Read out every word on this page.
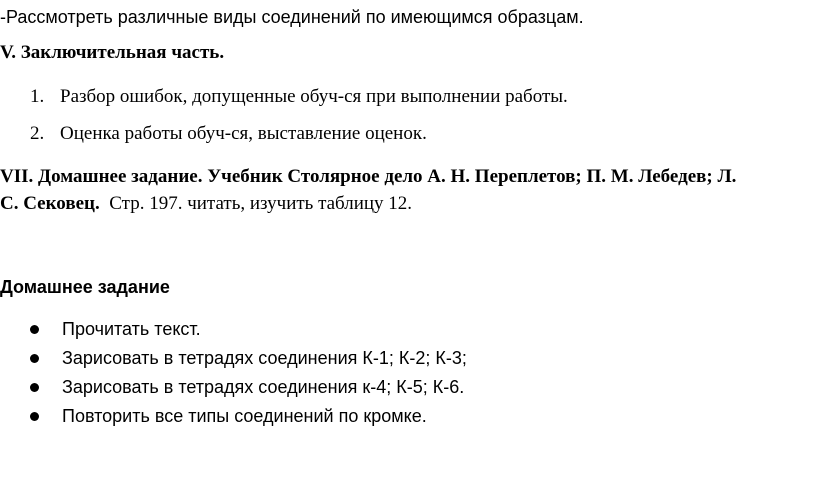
-Рассмотреть различные виды соединений по имеющимся образцам.
V. Заключительная часть.
1. Разбор ошибок, допущенные обуч-ся при выполнении работы.
2. Оценка работы обуч-ся, выставление оценок.
VII. Домашнее задание. Учебник Столярное дело А. Н. Переплетов; П. М. Лебедев; Л.
С. Сековец.  Стр. 197. читать, изучить таблицу 12.
Домашнее задание
Прочитать текст.
Зарисовать в тетрадях соединения К-1; К-2; К-3;
Зарисовать в тетрадях соединения к-4; К-5; К-6.
Повторить все типы соединений по кромке.
